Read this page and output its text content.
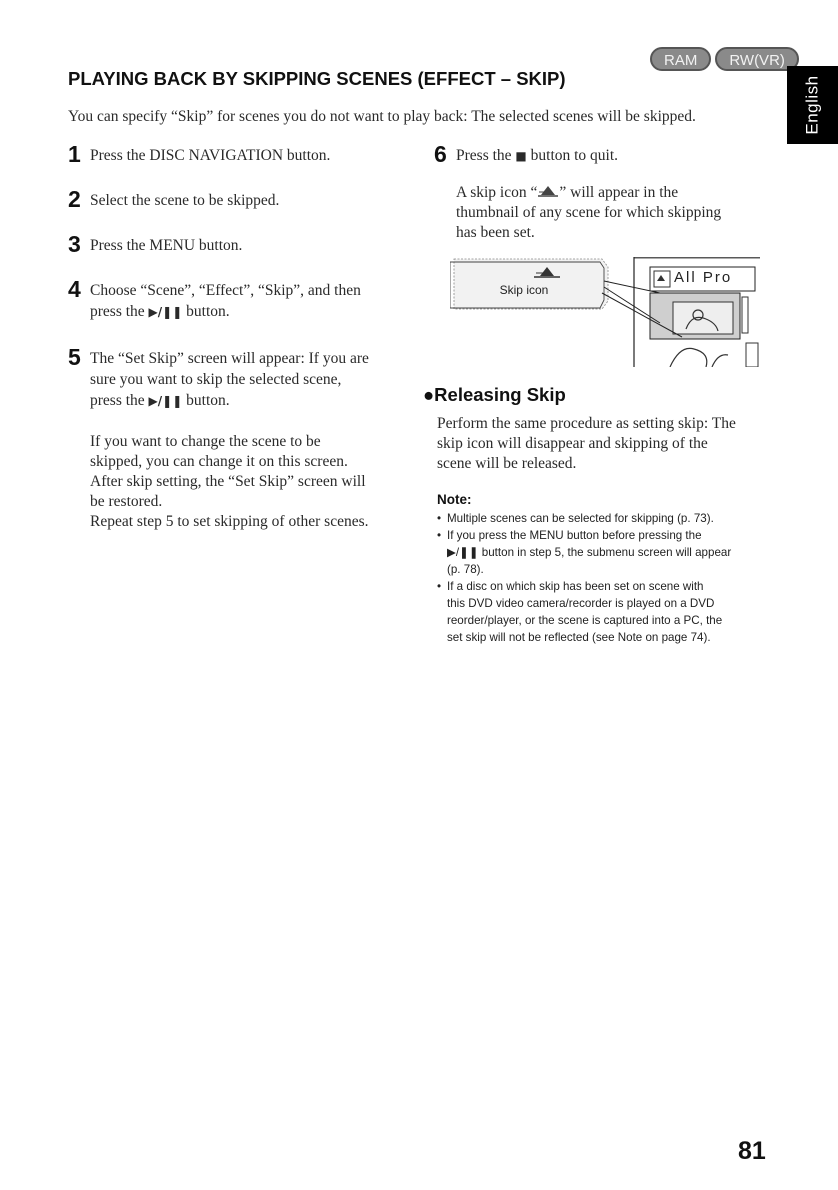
RAM	RW(VR)
English
PLAYING BACK BY SKIPPING SCENES (EFFECT – SKIP)

You can specify “Skip” for scenes you do not want to play back: The selected scenes will be skipped.

1 Press the DISC NAVIGATION button.
2 Select the scene to be skipped.
3 Press the MENU button.
4 Choose “Scene”, “Effect”, “Skip”, and then
press the ▶/❚❚ button.
5 The “Set Skip” screen will appear: If you are
sure you want to skip the selected scene,
press the ▶/❚❚ button.
If you want to change the scene to be
skipped, you can change it on this screen.
After skip setting, the “Set Skip” screen will
be restored.
Repeat step 5 to set skipping of other scenes.
6 Press the ■ button to quit.
A skip icon “ ” will appear in the
thumbnail of any scene for which skipping
has been set.
Skip icon
All Pro
●Releasing Skip
Perform the same procedure as setting skip: The
skip icon will disappear and skipping of the
scene will be released.
Note:
• Multiple scenes can be selected for skipping (p. 73).
• If you press the MENU button before pressing the
▶/❚❚ button in step 5, the submenu screen will appear
(p. 78).
• If a disc on which skip has been set on scene with
this DVD video camera/recorder is played on a DVD
reorder/player, or the scene is captured into a PC, the
set skip will not be reflected (see Note on page 74).
81
